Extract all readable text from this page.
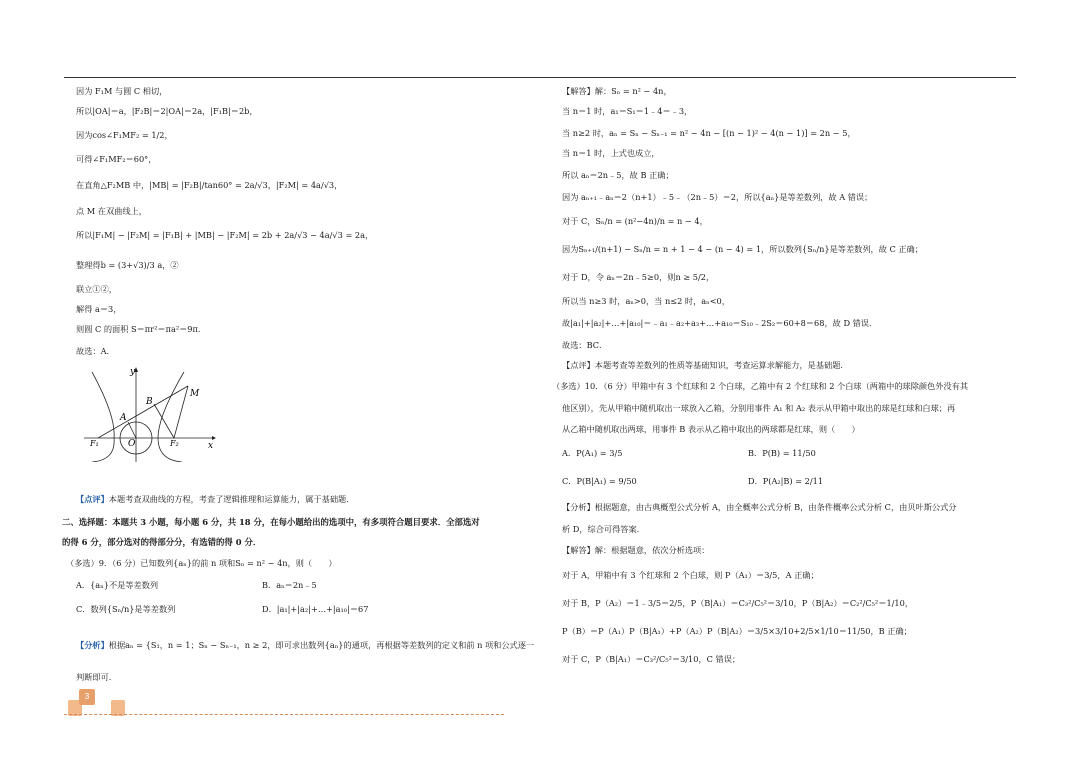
因为 F₁M 与圆 C 相切，
所以|OA|＝a，|F₂B|＝2|OA|＝2a，|F₁B|＝2b，
因为cos∠F₁MF₂ = 1/2，
可得∠F₁MF₂＝60°，
在直角△F₂MB 中，|MB| = |F₂B|/tan60° = 2a/√3，|F₂M| = 4a/√3，
点 M 在双曲线上，
所以|F₁M| − |F₂M| = |F₁B| + |MB| − |F₂M| = 2b + 2a/√3 − 4a/√3 = 2a，
整理得b = (3+√3)/3 a，②
联立①②，
解得 a＝3，
则圆 C 的面积 S＝πr²＝πa²＝9π．
故选：A．
【点评】本题考查双曲线的方程，考查了逻辑推理和运算能力，属于基础题．
二、选择题：本题共 3 小题，每小题 6 分，共 18 分，在每小题给出的选项中，有多项符合题目要求．全部选对
的得 6 分，部分选对的得部分分，有选错的得 0 分．
（多选）9．（6 分）已知数列{aₙ}的前 n 项和Sₙ = n² − 4n，则（　　）
A．{aₙ}不是等差数列	B．aₙ＝2n﹣5
C．数列{Sₙ/n}是等差数列	D．|a₁|+|a₂|+…+|a₁₀|＝67
【分析】根据aₙ = {S₁，n = 1；Sₙ − Sₙ₋₁，n ≥ 2，即可求出数列{aₙ}的通项，再根据等差数列的定义和前 n 项和公式逐一
判断即可．
y
x
B
M
A
F₁	O	F₂
【解答】解：Sₙ = n² − 4n，
当 n＝1 时，a₁＝S₁＝1﹣4＝﹣3，
当 n≥2 时，aₙ = Sₙ − Sₙ₋₁ = n² − 4n − [(n − 1)² − 4(n − 1)] = 2n − 5，
当 n＝1 时，上式也成立，
所以 aₙ＝2n﹣5，故 B 正确；
因为 aₙ₊₁﹣aₙ＝2（n+1）﹣5﹣（2n﹣5）＝2，所以{aₙ}是等差数列，故 A 错误；
对于 C，Sₙ/n = (n²−4n)/n = n − 4，
因为Sₙ₊₁/(n+1) − Sₙ/n = n + 1 − 4 − (n − 4) = 1，所以数列{Sₙ/n}是等差数列，故 C 正确；
对于 D，令 aₙ＝2n﹣5≥0，则n ≥ 5/2，
所以当 n≥3 时，aₙ>0，当 n≤2 时，aₙ<0，
故|a₁|+|a₂|+…+|a₁₀|＝﹣a₁﹣a₂+a₃+…+a₁₀＝S₁₀﹣2S₂＝60+8＝68，故 D 错误．
故选：BC．
【点评】本题考查等差数列的性质等基础知识，考查运算求解能力，是基础题．
（多选）10．（6 分）甲箱中有 3 个红球和 2 个白球，乙箱中有 2 个红球和 2 个白球（两箱中的球除颜色外没有其
他区别），先从甲箱中随机取出一球放入乙箱，分别用事件 A₁ 和 A₂ 表示从甲箱中取出的球是红球和白球；再
从乙箱中随机取出两球，用事件 B 表示从乙箱中取出的两球都是红球，则（　　）
A．P(A₁) = 3/5	B．P(B) = 11/50
C．P(B|A₁) = 9/50	D．P(A₂|B) = 2/11
【分析】根据题意，由古典概型公式分析 A，由全概率公式分析 B，由条件概率公式分析 C，由贝叶斯公式分
析 D，综合可得答案．
【解答】解：根据题意，依次分析选项：
对于 A，甲箱中有 3 个红球和 2 个白球，则 P（A₁）＝3/5，A 正确；
对于 B，P（A₂）＝1﹣3/5＝2/5，P（B|A₁）＝C₃²/C₅²＝3/10，P（B|A₂）＝C₂²/C₅²＝1/10，
P（B）＝P（A₁）P（B|A₁）+P（A₂）P（B|A₂）＝3/5×3/10+2/5×1/10＝11/50，B 正确；
对于 C，P（B|A₁）＝C₃²/C₅²＝3/10，C 错误；
3
